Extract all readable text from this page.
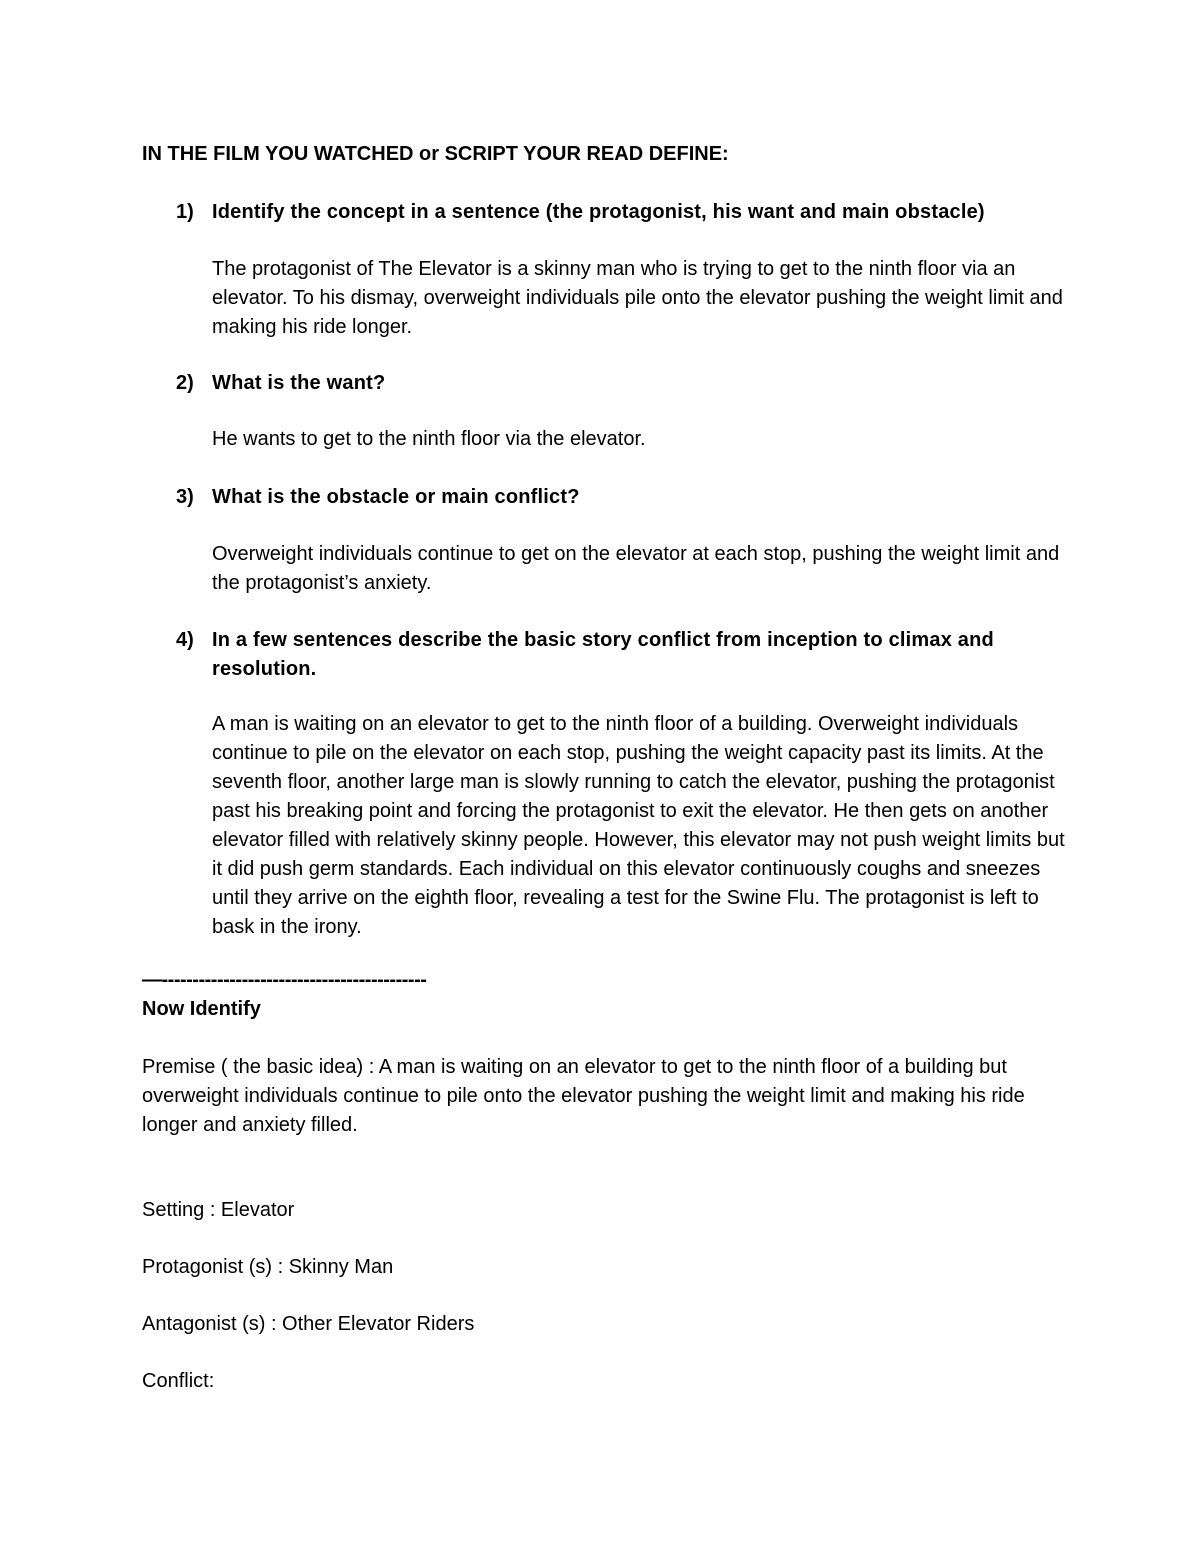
IN THE FILM YOU WATCHED or SCRIPT YOUR READ DEFINE:
1) Identify the concept in a sentence (the protagonist, his want and main obstacle)
The protagonist of The Elevator is a skinny man who is trying to get to the ninth floor via an elevator. To his dismay, overweight individuals pile onto the elevator pushing the weight limit and making his ride longer.
2) What is the want?
He wants to get to the ninth floor via the elevator.
3) What is the obstacle or main conflict?
Overweight individuals continue to get on the elevator at each stop, pushing the weight limit and the protagonist’s anxiety.
4) In a few sentences describe the basic story conflict from inception to climax and resolution.
A man is waiting on an elevator to get to the ninth floor of a building. Overweight individuals continue to pile on the elevator on each stop, pushing the weight capacity past its limits. At the seventh floor, another large man is slowly running to catch the elevator, pushing the protagonist past his breaking point and forcing the protagonist to exit the elevator. He then gets on another elevator filled with relatively skinny people. However, this elevator may not push weight limits but it did push germ standards. Each individual on this elevator continuously coughs and sneezes until they arrive on the eighth floor, revealing a test for the Swine Flu. The protagonist is left to bask in the irony.
—-------------------------------------------
Now Identify
Premise ( the basic idea) : A man is waiting on an elevator to get to the ninth floor of a building but overweight individuals continue to pile onto the elevator pushing the weight limit and making his ride longer and anxiety filled.
Setting : Elevator
Protagonist (s) : Skinny Man
Antagonist (s) : Other Elevator Riders
Conflict:
